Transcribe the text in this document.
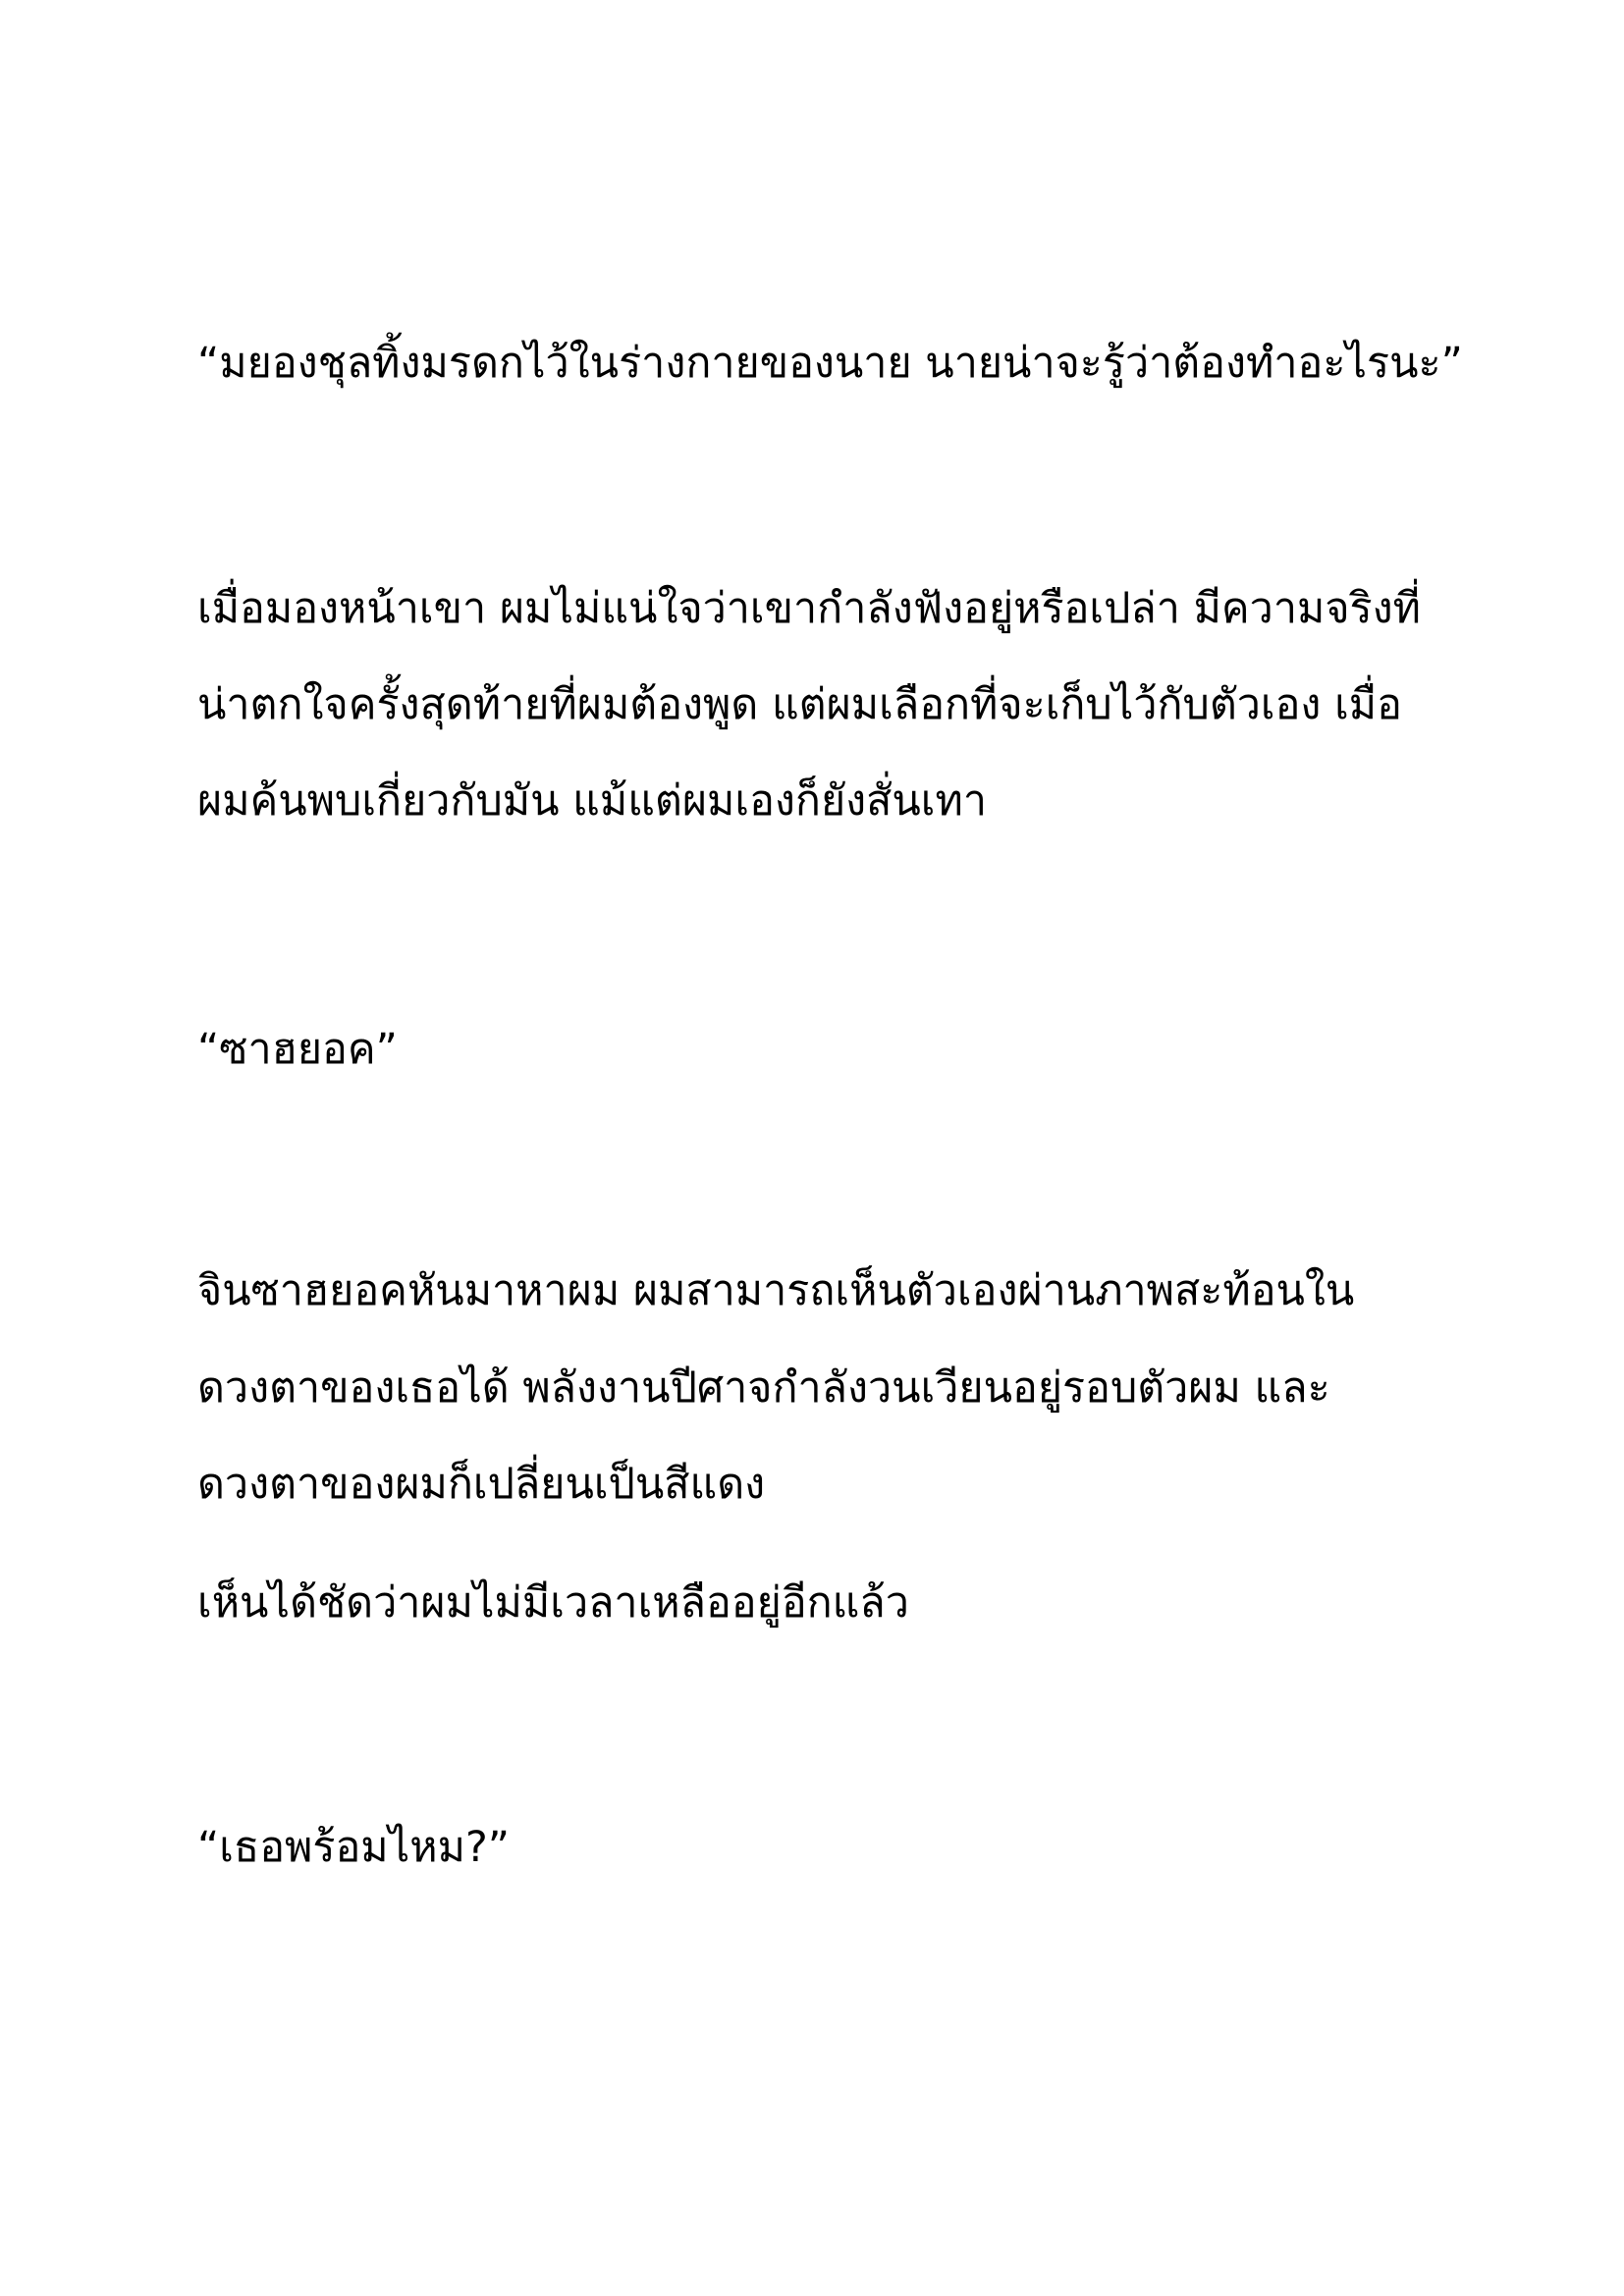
“มยองชุลทิ้งมรดกไว้ในร่างกายของนาย นายน่าจะรู้ว่าต้องทำอะไรนะ”

เมื่อมองหน้าเขา ผมไม่แน่ใจว่าเขากำลังฟังอยู่หรือเปล่า มีความจริงที่

น่าตกใจครั้งสุดท้ายที่ผมต้องพูด แต่ผมเลือกที่จะเก็บไว้กับตัวเอง เมื่อ

ผมค้นพบเกี่ยวกับมัน แม้แต่ผมเองก็ยังสั่นเทา

“ซาฮยอค”

จินซาฮยอคหันมาหาผม ผมสามารถเห็นตัวเองผ่านภาพสะท้อนใน

ดวงตาของเธอได้ พลังงานปีศาจกำลังวนเวียนอยู่รอบตัวผม และ

ดวงตาของผมก็เปลี่ยนเป็นสีแดง

เห็นได้ชัดว่าผมไม่มีเวลาเหลืออยู่อีกแล้ว

“เธอพร้อมไหม?”
